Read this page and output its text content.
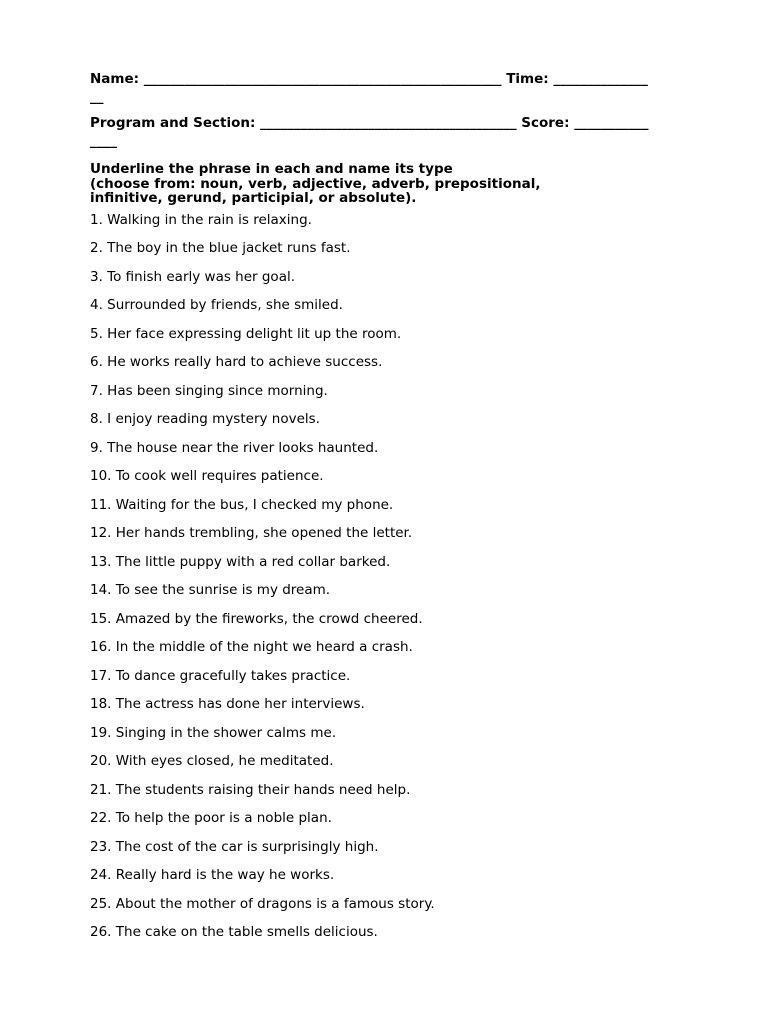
Name: _____________________________________________________ Time: ________________

Program and Section: ______________________________________ Score: _______________

Underline the phrase in each and name its type
(choose from: noun, verb, adjective, adverb, prepositional,
infinitive, gerund, participial, or absolute).
1. Walking in the rain is relaxing.
2. The boy in the blue jacket runs fast.
3. To finish early was her goal.
4. Surrounded by friends, she smiled.
5. Her face expressing delight lit up the room.
6. He works really hard to achieve success.
7. Has been singing since morning.
8. I enjoy reading mystery novels.
9. The house near the river looks haunted.
10. To cook well requires patience.
11. Waiting for the bus, I checked my phone.
12. Her hands trembling, she opened the letter.
13. The little puppy with a red collar barked.
14. To see the sunrise is my dream.
15. Amazed by the fireworks, the crowd cheered.
16. In the middle of the night we heard a crash.
17. To dance gracefully takes practice.
18. The actress has done her interviews.
19. Singing in the shower calms me.
20. With eyes closed, he meditated.
21. The students raising their hands need help.
22. To help the poor is a noble plan.
23. The cost of the car is surprisingly high.
24. Really hard is the way he works.
25. About the mother of dragons is a famous story.
26. The cake on the table smells delicious.
